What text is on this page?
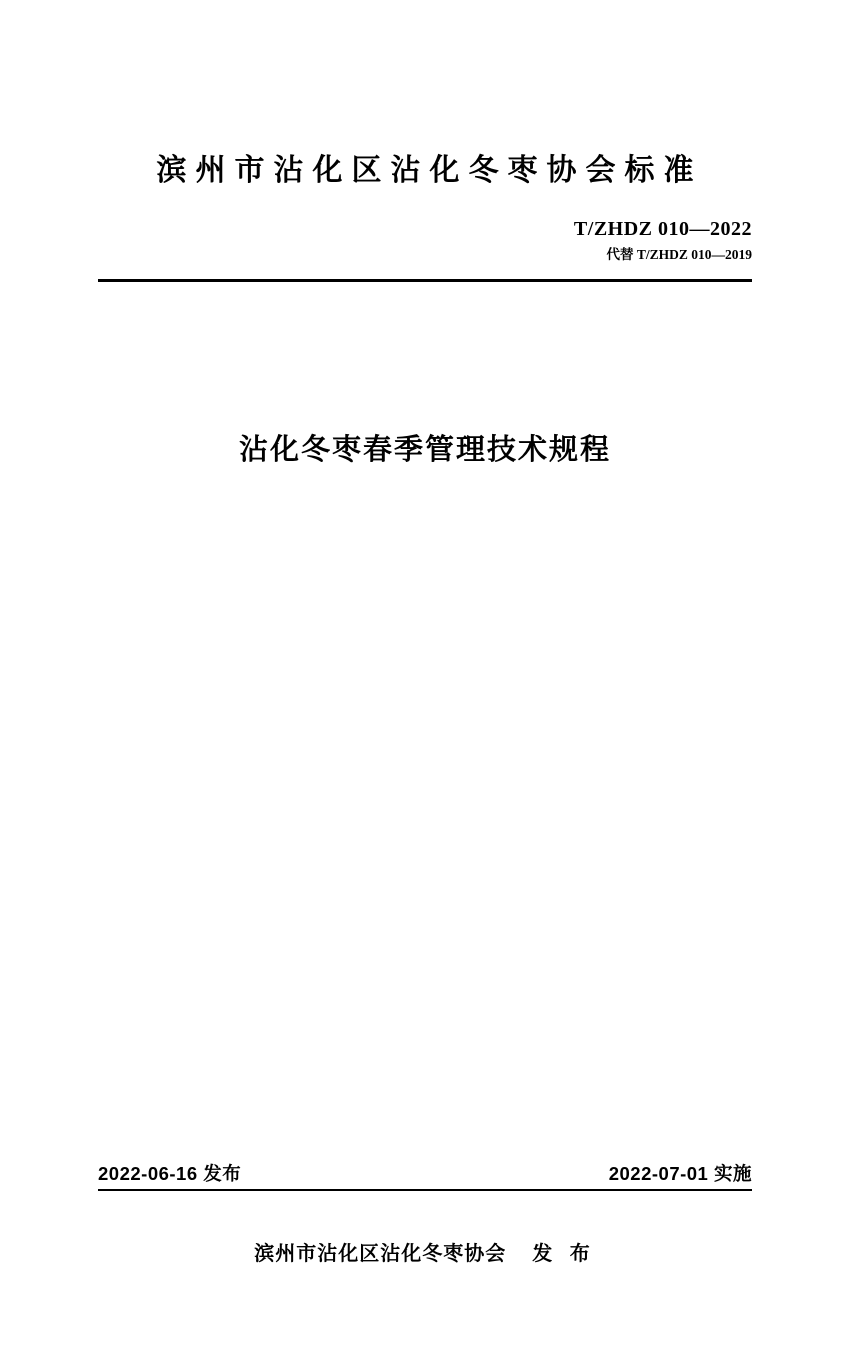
滨州市沾化区沾化冬枣协会标准
T/ZHDZ 010—2022
代替 T/ZHDZ 010—2019
沾化冬枣春季管理技术规程
2022-06-16 发布	2022-07-01 实施
滨州市沾化区沾化冬枣协会 发 布
